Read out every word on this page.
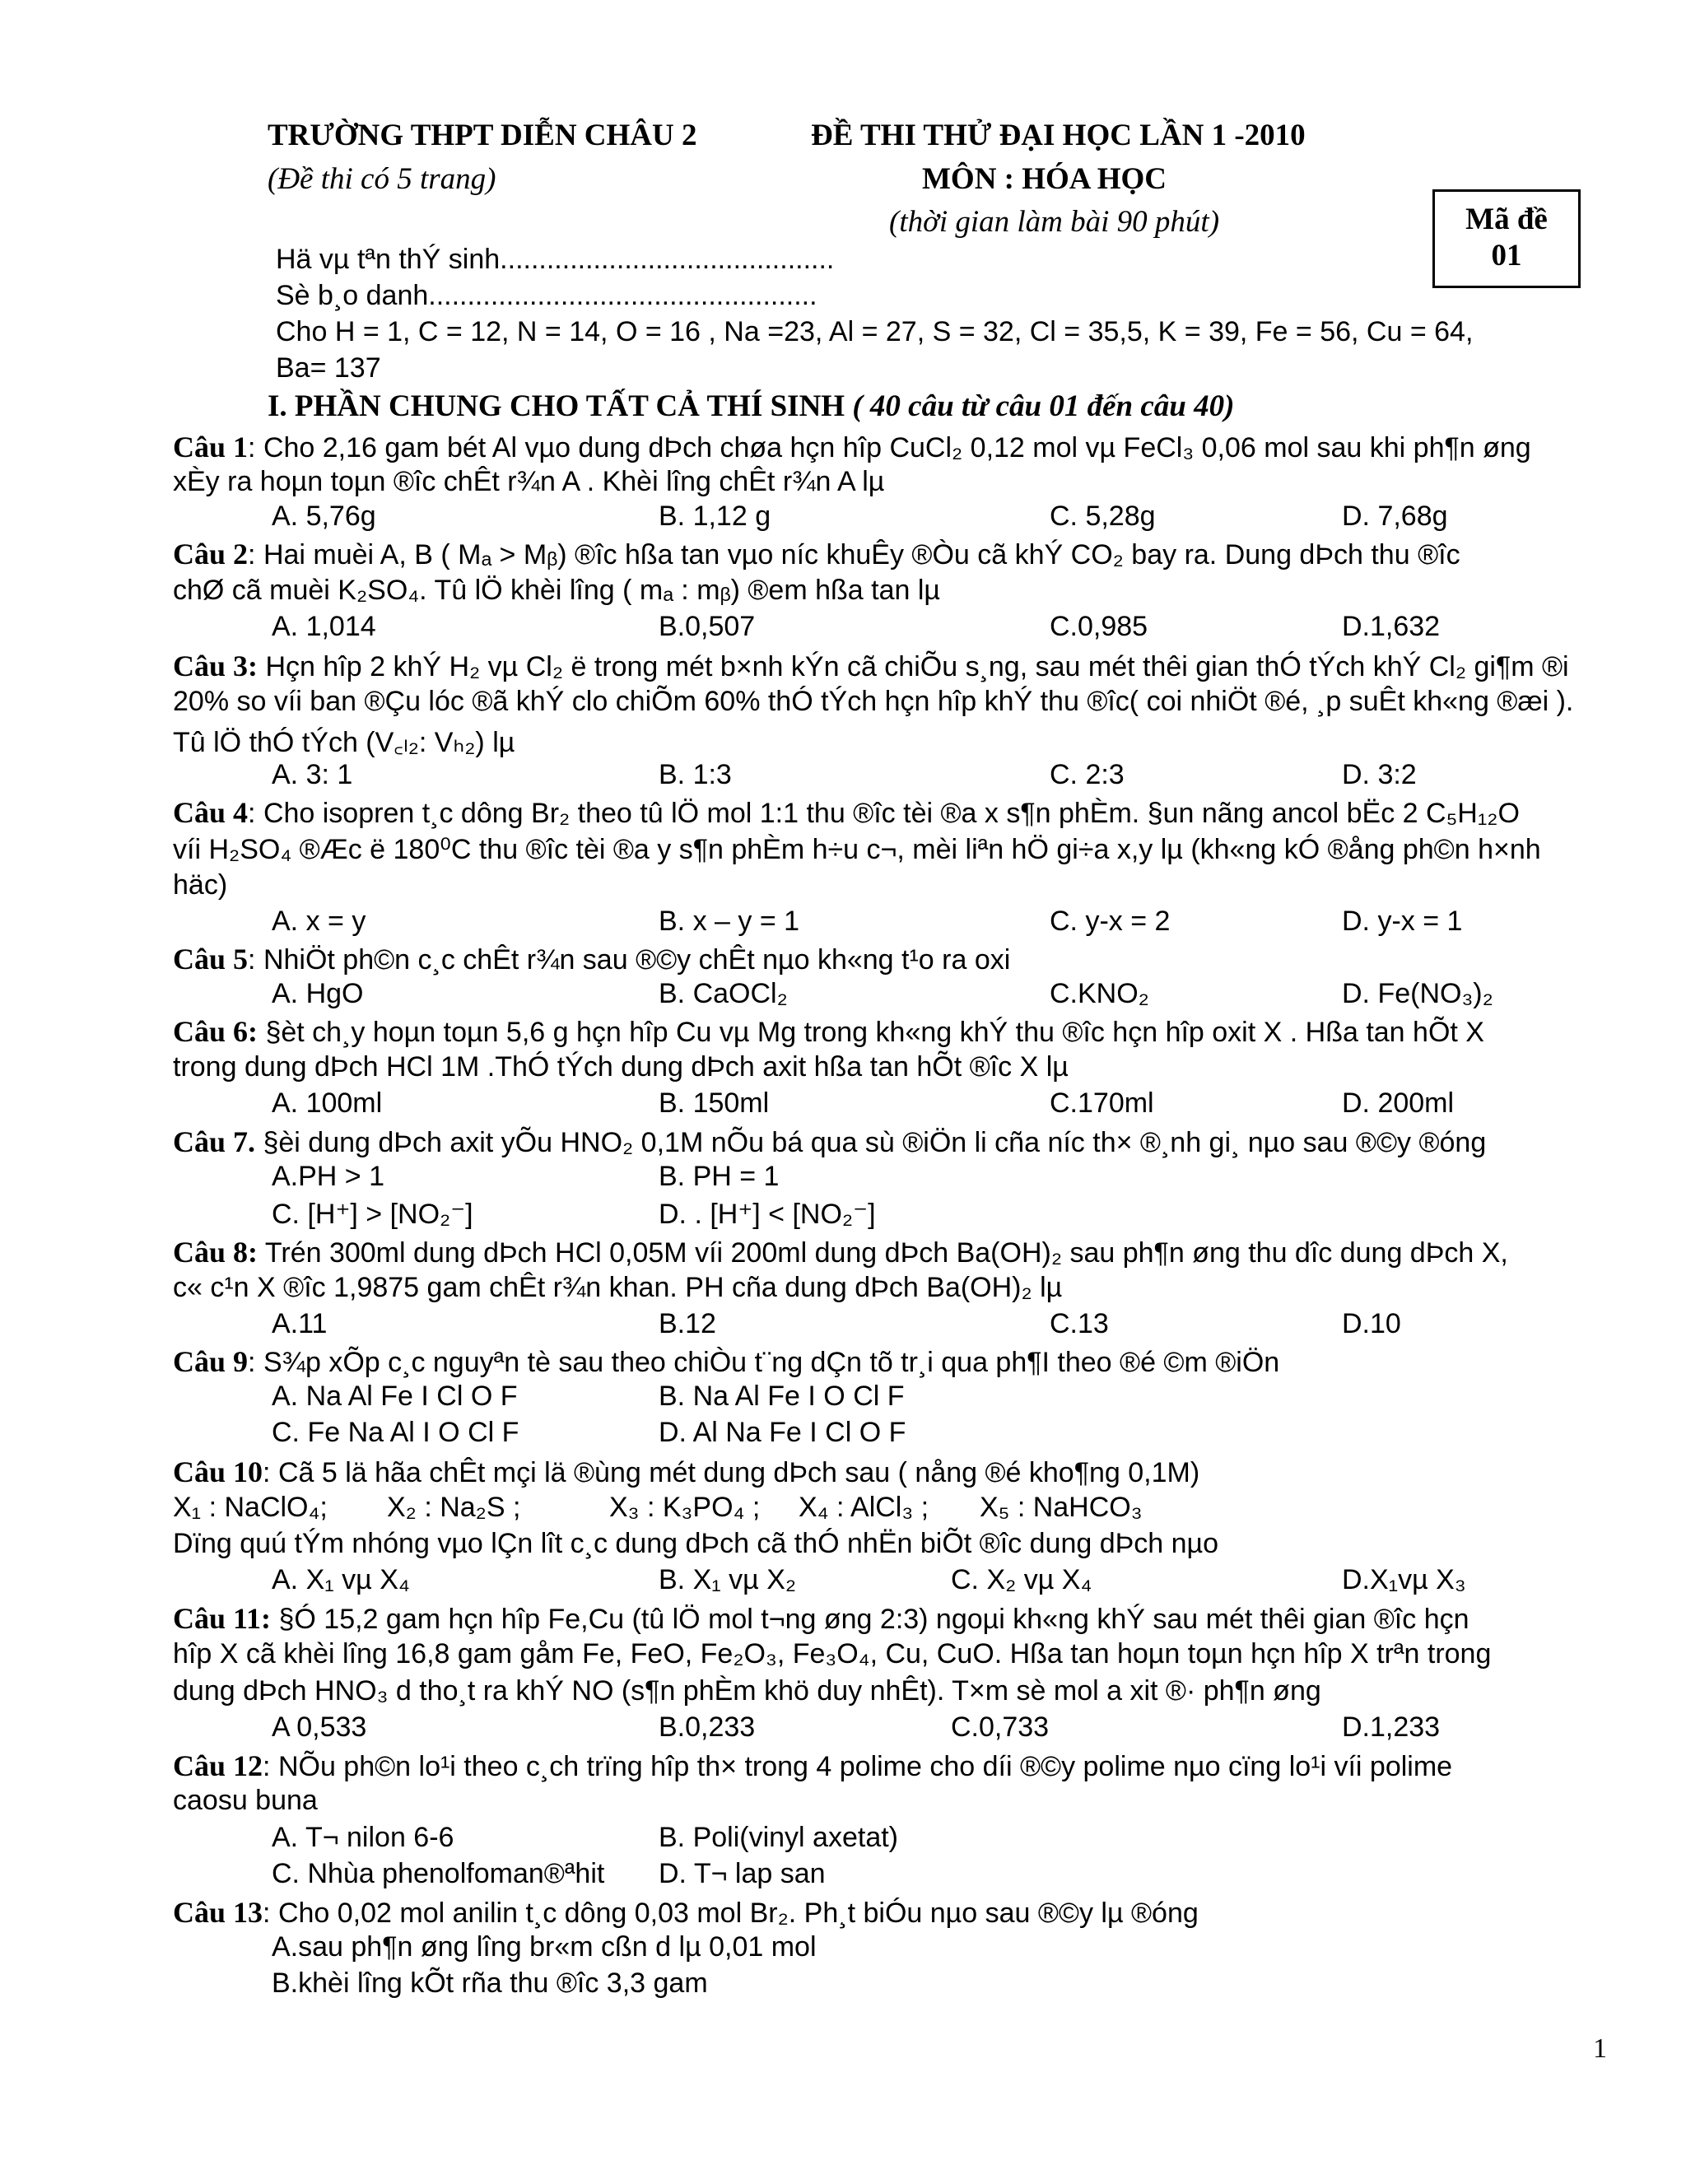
TRƯỜNG THPT DIỄN CHÂU 2	ĐỀ THI THỬ ĐẠI HỌC LẦN 1 -2010
(Đề thi có 5 trang)	MÔN : HÓA HỌC
(thời gian làm bài 90 phút)	Mã đề
01
Hä vµ tªn thÝ sinh...........................................
Sè b¸o danh..................................................
Cho H = 1, C = 12, N = 14, O = 16 , Na =23, Al = 27, S = 32, Cl = 35,5, K = 39, Fe = 56, Cu = 64,
Ba= 137
I. PHẦN CHUNG CHO TẤT CẢ THÍ SINH ( 40 câu từ câu 01 đến câu 40)
Câu 1: Cho 2,16 gam bét Al vµo dung dÞch chøa hçn hîp CuCl₂ 0,12 mol vµ FeCl₃ 0,06 mol sau khi ph¶n øng
xÈy ra hoµn toµn ®îc chÊt r¾n A . Khèi lîng chÊt r¾n A lµ
A. 5,76g	B. 1,12 g	C. 5,28g	D. 7,68g
Câu 2: Hai muèi A, B ( Mₐ > Mᵦ) ®îc hßa tan vµo níc khuÊy ®Òu cã khÝ CO₂ bay ra. Dung dÞch thu ®îc
chØ cã muèi K₂SO₄. Tû lÖ khèi lîng ( mₐ : mᵦ) ®em hßa tan lµ
A. 1,014	B.0,507	C.0,985	D.1,632
Câu 3: Hçn hîp 2 khÝ H₂ vµ Cl₂ ë trong mét b×nh kÝn cã chiÕu s¸ng, sau mét thêi gian thÓ tÝch khÝ Cl₂ gi¶m ®i
20% so víi ban ®Çu lóc ®ã khÝ clo chiÕm 60% thÓ tÝch hçn hîp khÝ thu ®îc( coi nhiÖt ®é, ¸p suÊt kh«ng ®æi ).
Tû lÖ thÓ tÝch (V꜀ₗ₂: Vₕ₂) lµ
A. 3: 1	B. 1:3	C. 2:3	D. 3:2
Câu 4: Cho isopren t¸c dông Br₂ theo tû lÖ mol 1:1 thu ®îc tèi ®a x s¶n phÈm. §un nãng ancol bËc 2 C₅H₁₂O
víi H₂SO₄ ®Æc ë 180⁰C thu ®îc tèi ®a y s¶n phÈm h÷u c¬, mèi liªn hÖ gi÷a x,y lµ (kh«ng kÓ ®ång ph©n h×nh
häc)
A. x = y	B. x – y = 1	C. y-x = 2	D. y-x = 1
Câu 5: NhiÖt ph©n c¸c chÊt r¾n sau ®©y chÊt nµo kh«ng t¹o ra oxi
A. HgO	B. CaOCl₂	C.KNO₂	D. Fe(NO₃)₂
Câu 6: §èt ch¸y hoµn toµn 5,6 g hçn hîp Cu vµ Mg trong kh«ng khÝ thu ®îc hçn hîp oxit X . Hßa tan hÕt X
trong dung dÞch HCl 1M .ThÓ tÝch dung dÞch axit hßa tan hÕt ®îc X lµ
A. 100ml	B. 150ml	C.170ml	D. 200ml
Câu 7. §èi dung dÞch axit yÕu HNO₂ 0,1M nÕu bá qua sù ®iÖn li cña níc th× ®¸nh gi¸ nµo sau ®©y ®óng
A.PH > 1	B. PH = 1
C. [H⁺] > [NO₂⁻]	D. . [H⁺] < [NO₂⁻]
Câu 8: Trén 300ml dung dÞch HCl 0,05M víi 200ml dung dÞch Ba(OH)₂ sau ph¶n øng thu dîc dung dÞch X,
c« c¹n X ®îc 1,9875 gam chÊt r¾n khan. PH cña dung dÞch Ba(OH)₂ lµ
A.11	B.12	C.13	D.10
Câu 9: S¾p xÕp c¸c nguyªn tè sau theo chiÒu t¨ng dÇn tõ tr¸i qua ph¶I theo ®é ©m ®iÖn
A. Na Al Fe I Cl O F	B. Na Al Fe I O Cl F
C. Fe Na Al I O Cl F	D. Al Na Fe I Cl O F
Câu 10: Cã 5 lä hãa chÊt mçi lä ®ùng mét dung dÞch sau ( nång ®é kho¶ng 0,1M)
X₁ : NaClO₄; X₂ : Na₂S ;	X₃ : K₃PO₄ ; X₄ : AlCl₃ ; X₅ : NaHCO₃
Dïng quú tÝm nhóng vµo lÇn lît c¸c dung dÞch cã thÓ nhËn biÕt ®îc dung dÞch nµo
A. X₁ vµ X₄	B. X₁ vµ X₂	C. X₂ vµ X₄	D.X₁vµ X₃
Câu 11: §Ó 15,2 gam hçn hîp Fe,Cu (tû lÖ mol t¬ng øng 2:3) ngoµi kh«ng khÝ sau mét thêi gian ®îc hçn
hîp X cã khèi lîng 16,8 gam gåm Fe, FeO, Fe₂O₃, Fe₃O₄, Cu, CuO. Hßa tan hoµn toµn hçn hîp X trªn trong
dung dÞch HNO₃ d tho¸t ra khÝ NO (s¶n phÈm khö duy nhÊt). T×m sè mol a xit ®· ph¶n øng
A 0,533	B.0,233	C.0,733	D.1,233
Câu 12: NÕu ph©n lo¹i theo c¸ch trïng hîp th× trong 4 polime cho díi ®©y polime nµo cïng lo¹i víi polime
caosu buna
A. T¬ nilon 6-6	B. Poli(vinyl axetat)
C. Nhùa phenolfoman®ªhit D. T¬ lap san
Câu 13: Cho 0,02 mol anilin t¸c dông 0,03 mol Br₂. Ph¸t biÓu nµo sau ®©y lµ ®óng
A.sau ph¶n øng lîng br«m cßn d lµ 0,01 mol
B.khèi lîng kÕt rña thu ®îc 3,3 gam
1
